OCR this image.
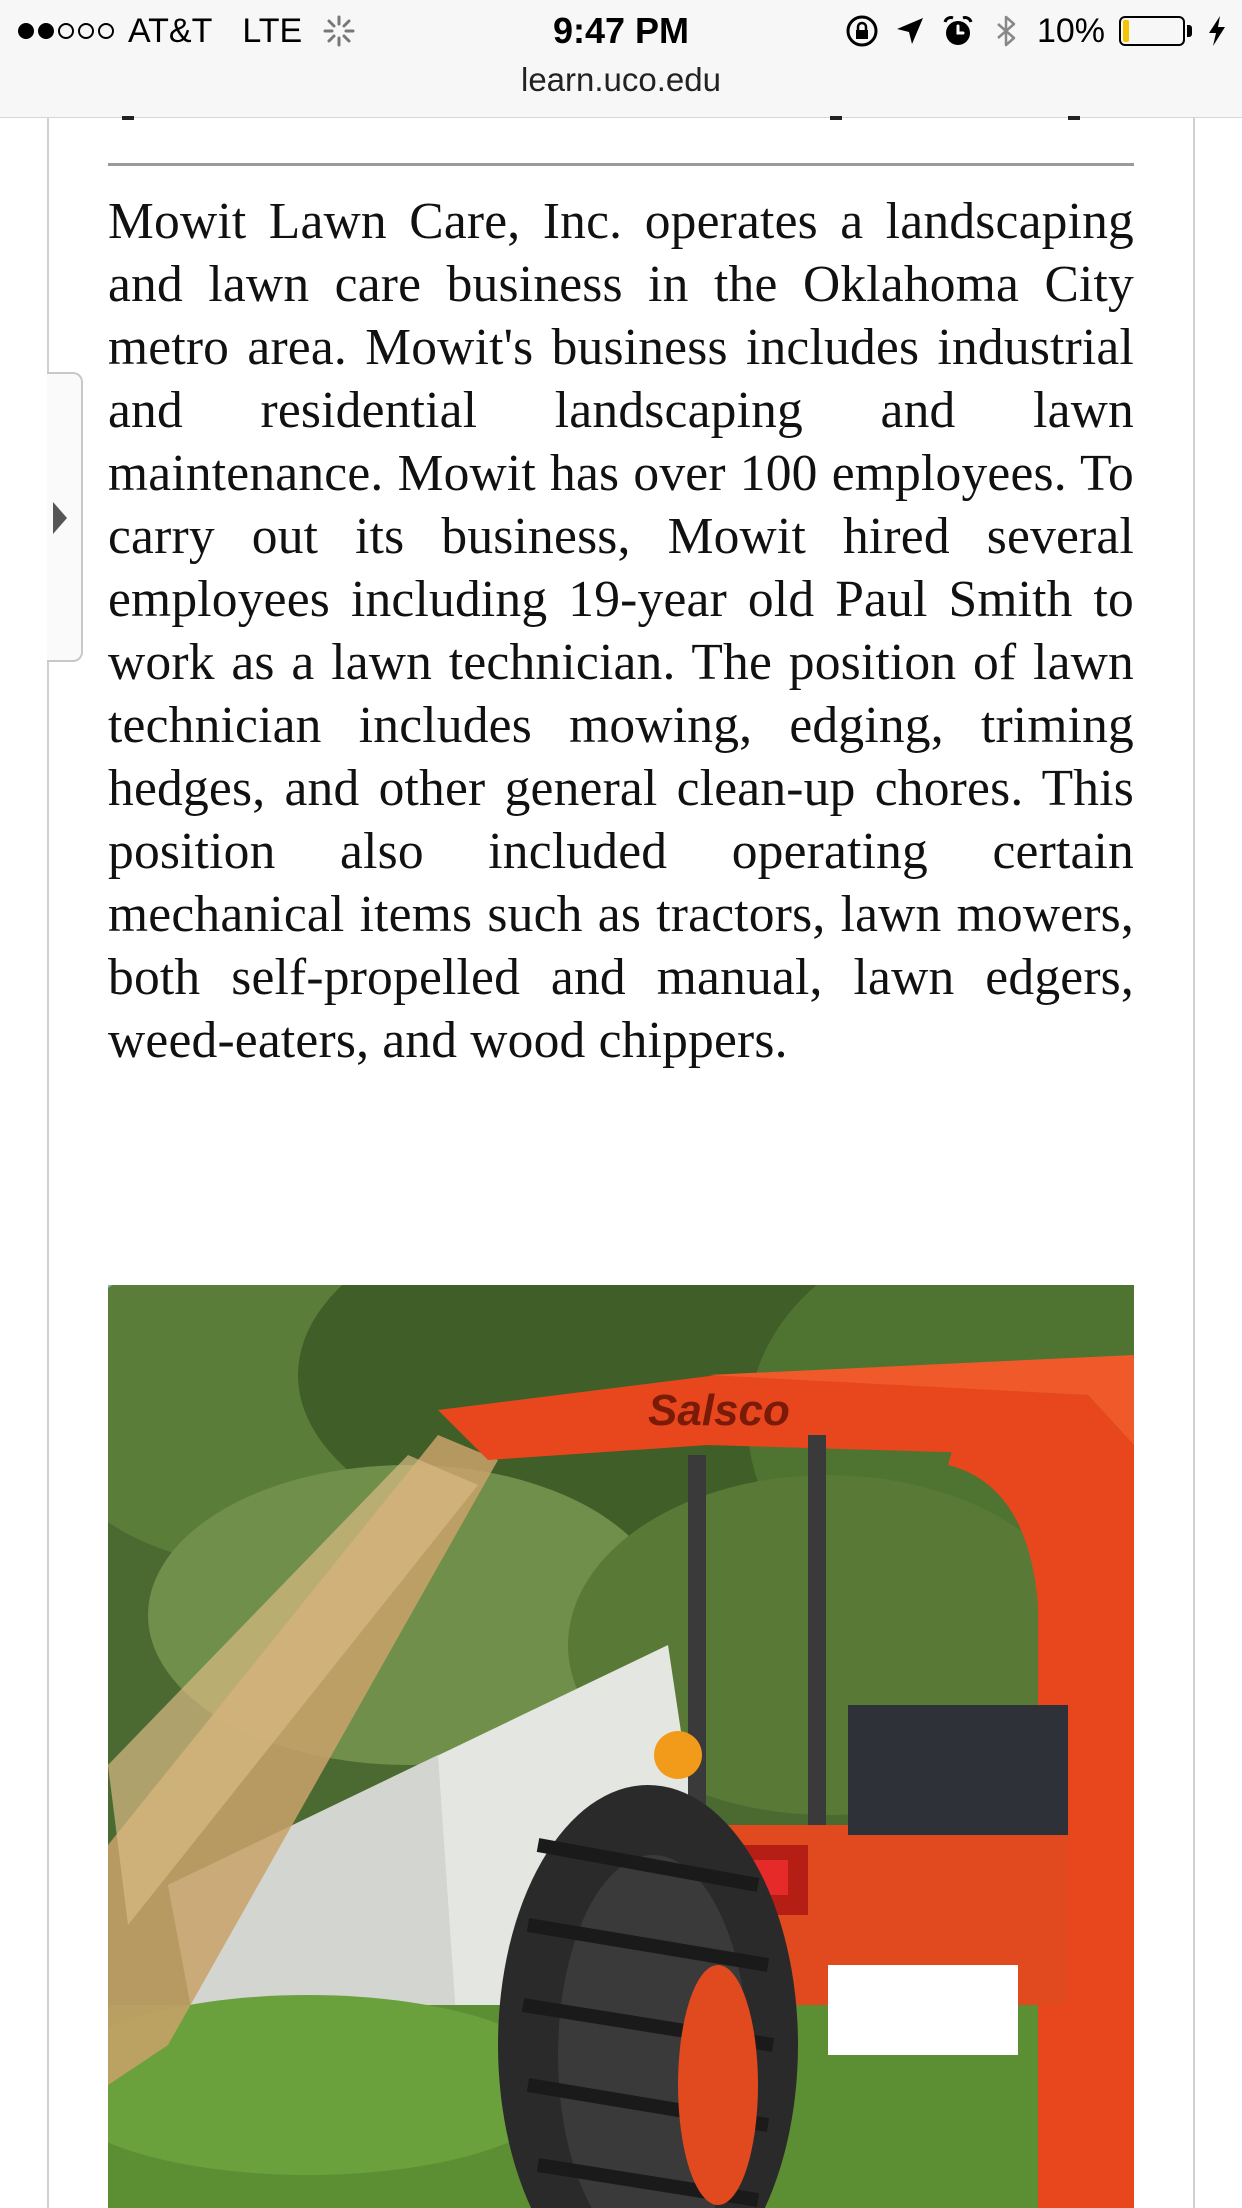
AT&T LTE	9:47 PM	10%
learn.uco.edu

Mowit Lawn Care, Inc. operates a landscaping and lawn care business in the Oklahoma City metro area. Mowit's business includes industrial and residential landscaping and lawn maintenance. Mowit has over 100 employees. To carry out its business, Mowit hired several employees including 19-year old Paul Smith to work as a lawn technician. The position of lawn technician includes mowing, edging, triming hedges, and other general clean-up chores. This position also included operating certain mechanical items such as tractors, lawn mowers, both self-propelled and manual, lawn edgers, weed-eaters, and wood chippers.

Salsco
